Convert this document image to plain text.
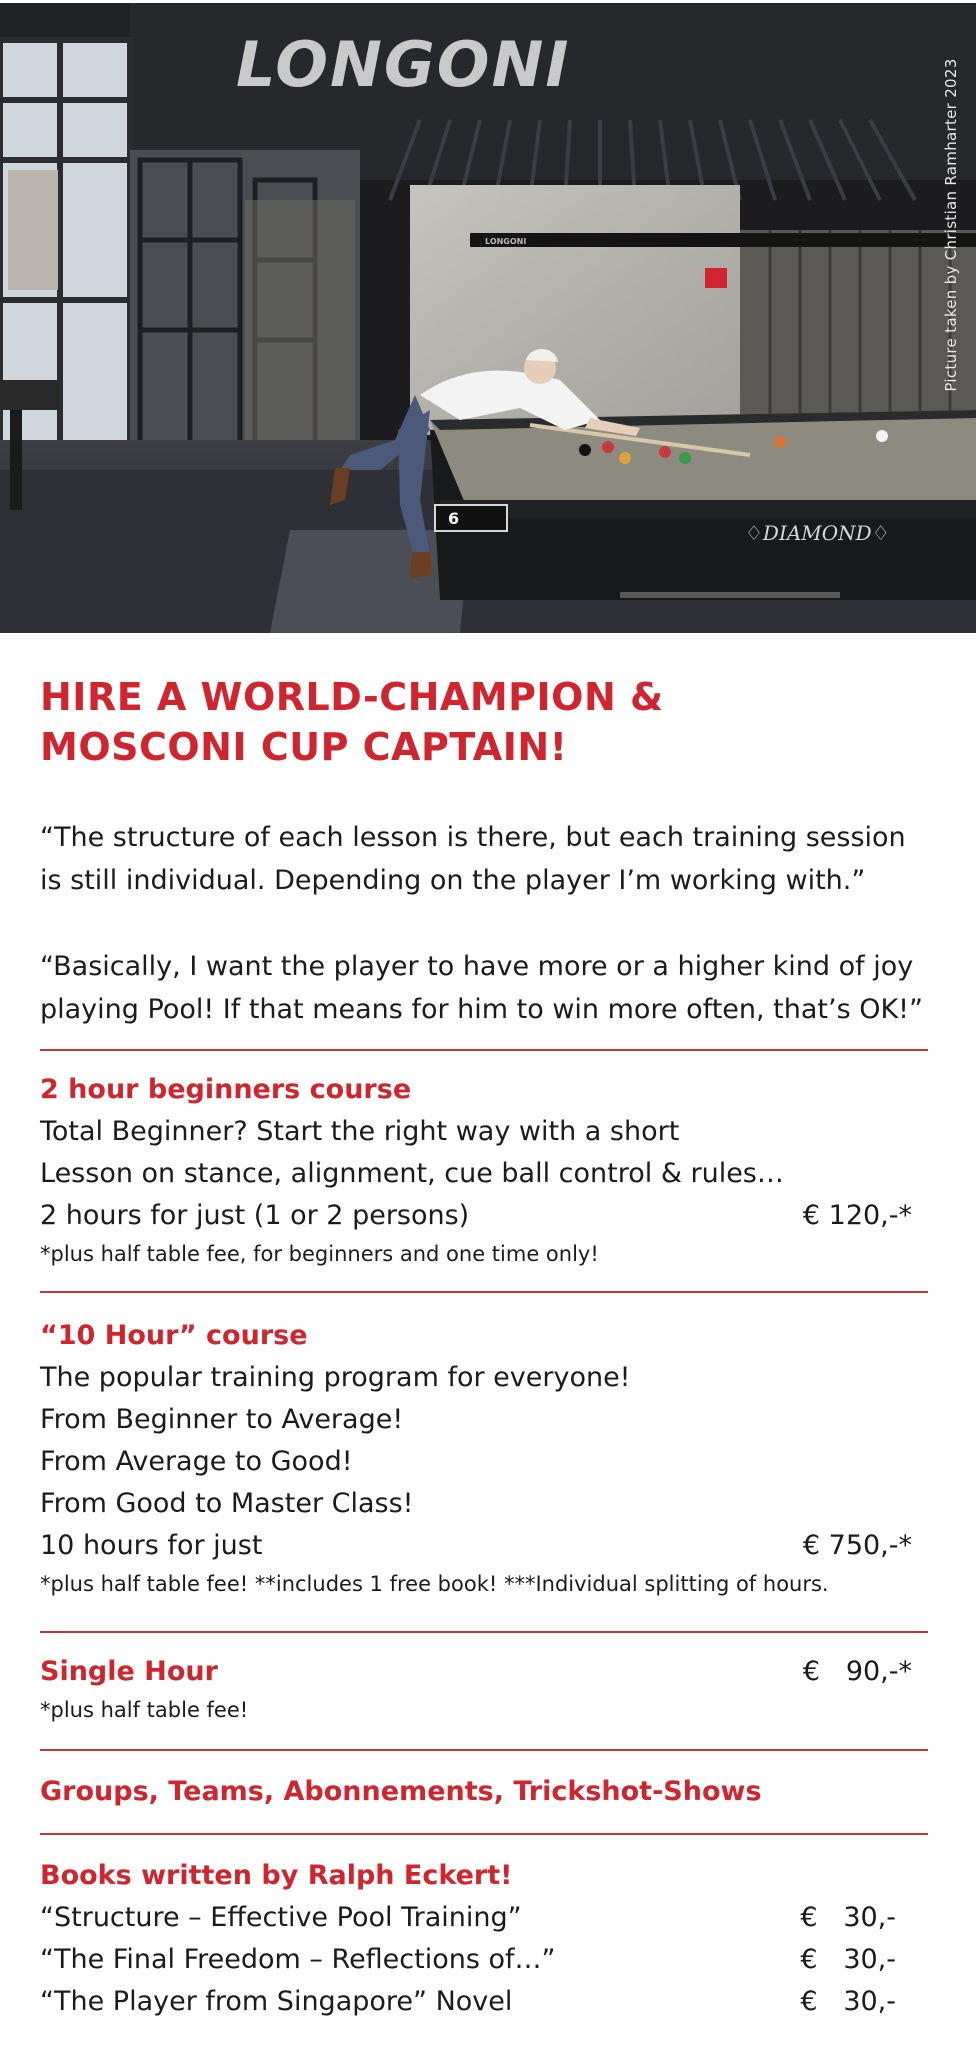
LONGONI
6
♢DIAMOND♢
LONGONI	Picture taken by Christian Ramharter 2023
HIRE A WORLD-CHAMPION &
MOSCONI CUP CAPTAIN!

“The structure of each lesson is there, but each training session
is still individual. Depending on the player I’m working with.”

“Basically, I want the player to have more or a higher kind of joy
playing Pool! If that means for him to win more often, that’s OK!”

2 hour beginners course

Total Beginner? Start the right way with a short

Lesson on stance, alignment, cue ball control & rules…

2 hours for just (1 or 2 persons)	€ 120,-*

*plus half table fee, for beginners and one time only!

“10 Hour” course

The popular training program for everyone!

From Beginner to Average!

From Average to Good!

From Good to Master Class!

10 hours for just	€ 750,-*

*plus half table fee! **includes 1 free book! ***Individual splitting of hours.

Single Hour	€   90,-*

*plus half table fee!

Groups, Teams, Abonnements, Trickshot-Shows

Books written by Ralph Eckert!

“Structure – Effective Pool Training”	€   30,-
“The Final Freedom – Reflections of…”	€   30,-
“The Player from Singapore” Novel	€   30,-
